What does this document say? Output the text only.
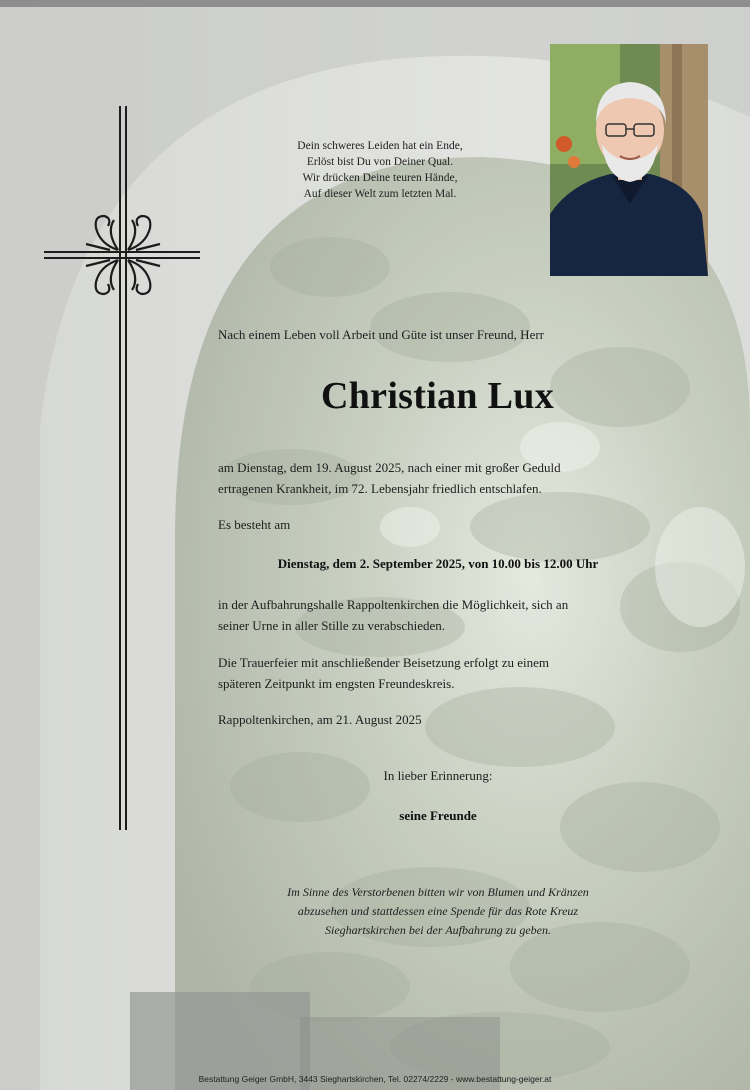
Dein schweres Leiden hat ein Ende,
Erlöst bist Du von Deiner Qual.
Wir drücken Deine teuren Hände,
Auf dieser Welt zum letzten Mal.
Nach einem Leben voll Arbeit und Güte ist unser Freund, Herr
Christian Lux
am Dienstag, dem 19. August 2025, nach einer mit großer Geduld
ertragenen Krankheit, im 72. Lebensjahr friedlich entschlafen.
Es besteht am
Dienstag, dem 2. September 2025, von 10.00 bis 12.00 Uhr
in der Aufbahrungshalle Rappoltenkirchen die Möglichkeit, sich an
seiner Urne in aller Stille zu verabschieden.
Die Trauerfeier mit anschließender Beisetzung erfolgt zu einem
späteren Zeitpunkt im engsten Freundeskreis.
Rappoltenkirchen, am 21. August 2025
In lieber Erinnerung:
seine Freunde
Im Sinne des Verstorbenen bitten wir von Blumen und Kränzen
abzusehen und stattdessen eine Spende für das Rote Kreuz
Sieghartskirchen bei der Aufbahrung zu geben.
Bestattung Geiger GmbH, 3443 Sieghartskirchen, Tel. 02274/2229 - www.bestattung-geiger.at
